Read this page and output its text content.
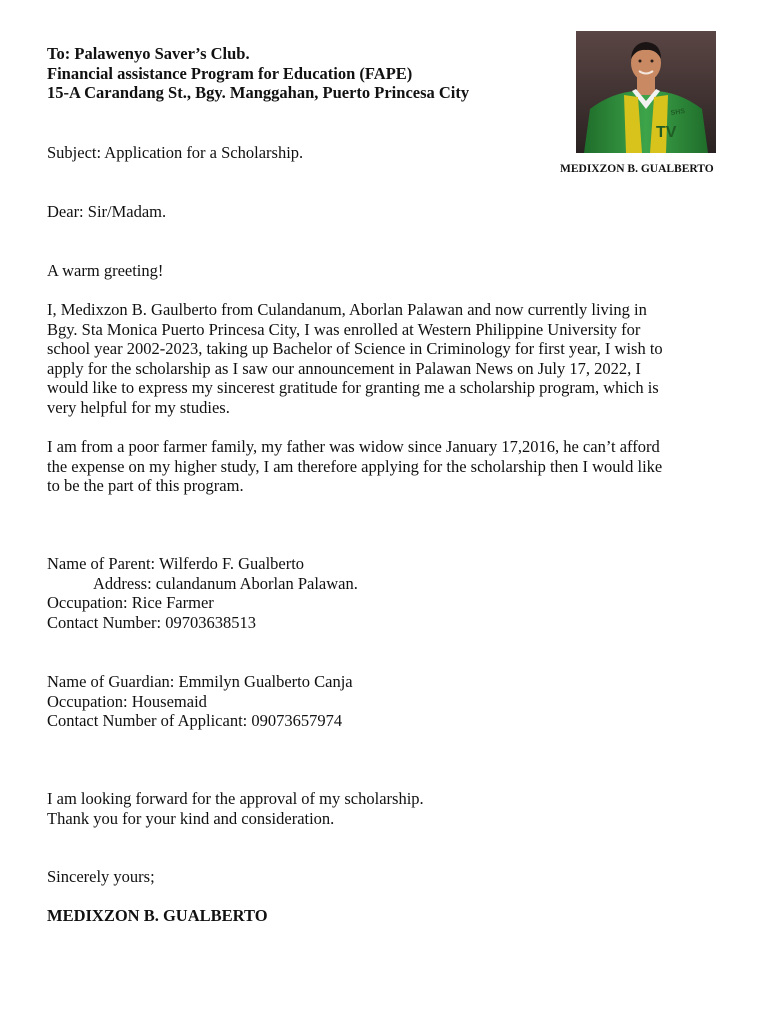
To: Palawenyo Saver’s Club.
Financial assistance Program for Education (FAPE)
15-A Carandang St., Bgy. Manggahan, Puerto Princesa City
SHS
TV
MEDIXZON B. GUALBERTO
Subject: Application for a Scholarship.
Dear: Sir/Madam.
A warm greeting!
I, Medixzon B. Gaulberto from Culandanum, Aborlan Palawan and now currently living in
Bgy. Sta Monica Puerto Princesa City, I was enrolled at Western Philippine University for
school year 2002-2023, taking up Bachelor of Science in Criminology for first year, I wish to
apply for the scholarship as I saw our announcement in Palawan News on July 17, 2022, I
would like to express my sincerest gratitude for granting me a scholarship program, which is
very helpful for my studies.
I am from a poor farmer family, my father was widow since January 17,2016, he can’t afford
the expense on my higher study, I am therefore applying for the scholarship then I would like
to be the part of this program.
Name of Parent: Wilferdo F. Gualberto
Address: culandanum Aborlan Palawan.
Occupation: Rice Farmer
Contact Number: 09703638513
Name of Guardian: Emmilyn Gualberto Canja
Occupation: Housemaid
Contact Number of Applicant: 09073657974
I am looking forward for the approval of my scholarship.
Thank you for your kind and consideration.
Sincerely yours;
MEDIXZON B. GUALBERTO
